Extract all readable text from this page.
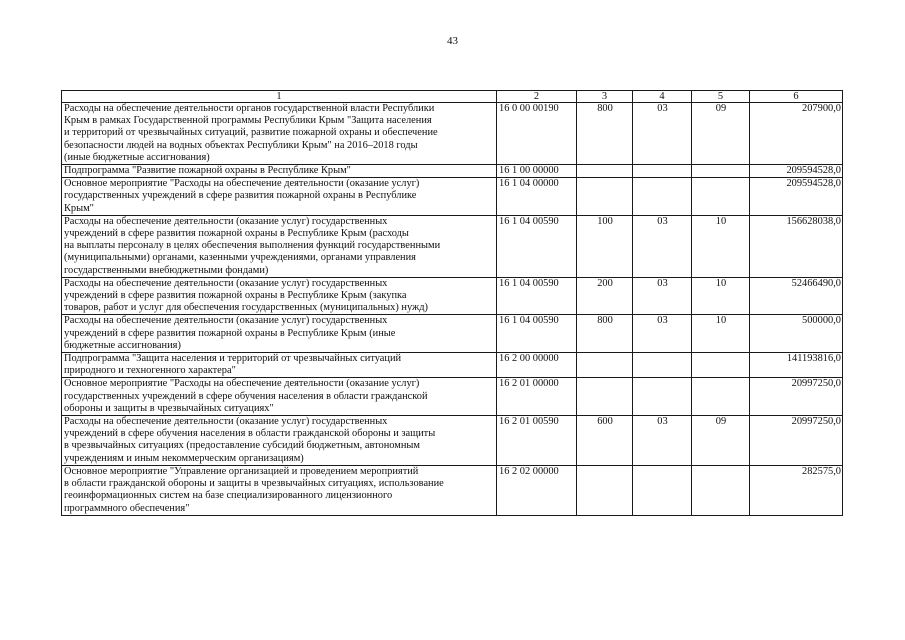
43
1	2	3	4	5	6

Расходы на обеспечение деятельности органов государственной власти Республики
Крым в рамках Государственной программы Республики Крым "Защита населения
и территорий от чрезвычайных ситуаций, развитие пожарной охраны и обеспечение
безопасности людей на водных объектах Республики Крым" на 2016–2018 годы
(иные бюджетные ассигнования)	16 0 00 00190	800	03	09	207900,0

Подпрограмма "Развитие пожарной охраны в Республике Крым"	16 1 00 00000				209594528,0

Основное мероприятие "Расходы на обеспечение деятельности (оказание услуг)
государственных учреждений в сфере развития пожарной охраны в Республике
Крым"	16 1 04 00000				209594528,0

Расходы на обеспечение деятельности (оказание услуг) государственных
учреждений в сфере развития пожарной охраны в Республике Крым (расходы
на выплаты персоналу в целях обеспечения выполнения функций государственными
(муниципальными) органами, казенными учреждениями, органами управления
государственными внебюджетными фондами)	16 1 04 00590	100	03	10	156628038,0

Расходы на обеспечение деятельности (оказание услуг) государственных
учреждений в сфере развития пожарной охраны в Республике Крым (закупка
товаров, работ и услуг для обеспечения государственных (муниципальных) нужд)	16 1 04 00590	200	03	10	52466490,0

Расходы на обеспечение деятельности (оказание услуг) государственных
учреждений в сфере развития пожарной охраны в Республике Крым (иные
бюджетные ассигнования)	16 1 04 00590	800	03	10	500000,0

Подпрограмма "Защита населения и территорий от чрезвычайных ситуаций
природного и техногенного характера"	16 2 00 00000				141193816,0

Основное мероприятие "Расходы на обеспечение деятельности (оказание услуг)
государственных учреждений в сфере обучения населения в области гражданской
обороны и защиты в чрезвычайных ситуациях"	16 2 01 00000				20997250,0

Расходы на обеспечение деятельности (оказание услуг) государственных
учреждений в сфере обучения населения в области гражданской обороны и защиты
в чрезвычайных ситуациях (предоставление субсидий бюджетным, автономным
учреждениям и иным некоммерческим организациям)	16 2 01 00590	600	03	09	20997250,0

Основное мероприятие "Управление организацией и проведением мероприятий
в области гражданской обороны и защиты в чрезвычайных ситуациях, использование
геоинформационных систем на базе специализированного лицензионного
программного обеспечения"	16 2 02 00000				282575,0
